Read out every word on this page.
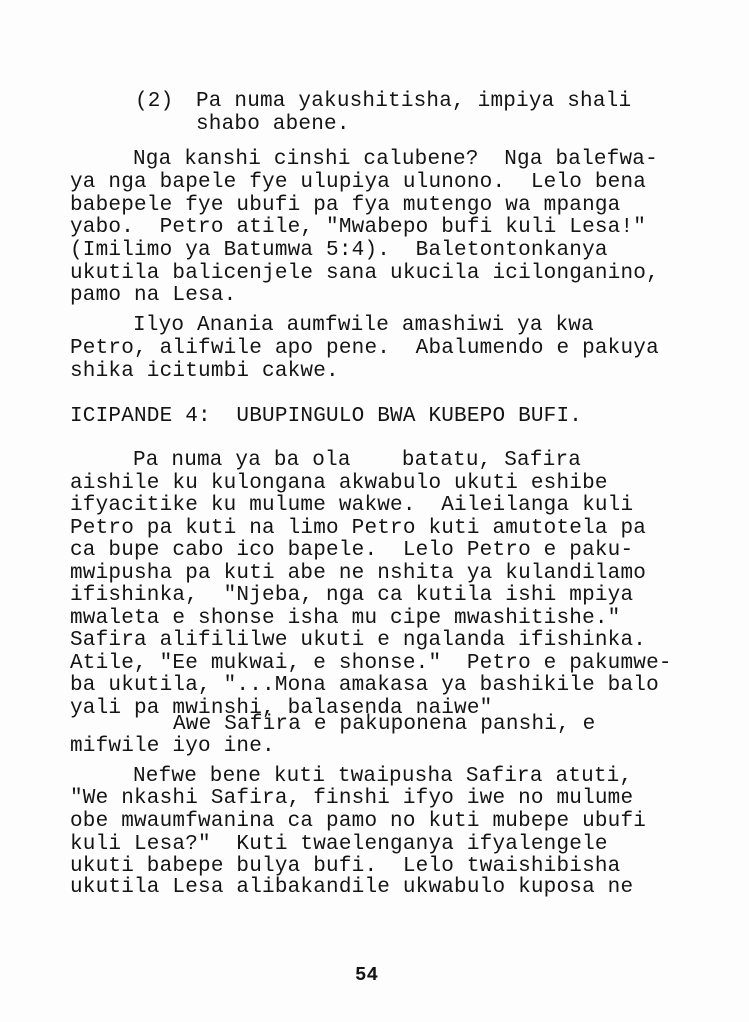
(2) Pa numa yakushitisha, impiya shali
shabo abene.
Nga kanshi cinshi calubene?  Nga balefwa-
ya nga bapele fye ulupiya ulunono.  Lelo bena
babepele fye ubufi pa fya mutengo wa mpanga
yabo.  Petro atile, "Mwabepo bufi kuli Lesa!"
(Imilimo ya Batumwa 5:4).  Baletontonkanya
ukutila balicenjele sana ukucila icilonganino,
pamo na Lesa.
Ilyo Anania aumfwile amashiwi ya kwa
Petro, alifwile apo pene.  Abalumendo e pakuya
shika icitumbi cakwe.
ICIPANDE 4:  UBUPINGULO BWA KUBEPO BUFI.
Pa numa ya ba ola    batatu, Safira
aishile ku kulongana akwabulo ukuti eshibe
ifyacitike ku mulume wakwe.  Aileilanga kuli
Petro pa kuti na limo Petro kuti amutotela pa
ca bupe cabo ico bapele.  Lelo Petro e paku-
mwipusha pa kuti abe ne nshita ya kulandilamo
ifishinka,  "Njeba, nga ca kutila ishi mpiya
mwaleta e shonse isha mu cipe mwashitishe."
Safira alifililwe ukuti e ngalanda ifishinka.
Atile, "Ee mukwai, e shonse."  Petro e pakumwe-
ba ukutila, "...Mona amakasa ya bashikile balo
yali pa mwinshi, balasenda naiwe"
Awe Safira e pakuponena panshi, e
mifwile iyo ine.
Nefwe bene kuti twaipusha Safira atuti,
"We nkashi Safira, finshi ifyo iwe no mulume
obe mwaumfwanina ca pamo no kuti mubepe ubufi
kuli Lesa?"  Kuti twaelenganya ifyalengele
ukuti babepe bulya bufi.  Lelo twaishibisha
ukutila Lesa alibakandile ukwabulo kuposa ne
54
